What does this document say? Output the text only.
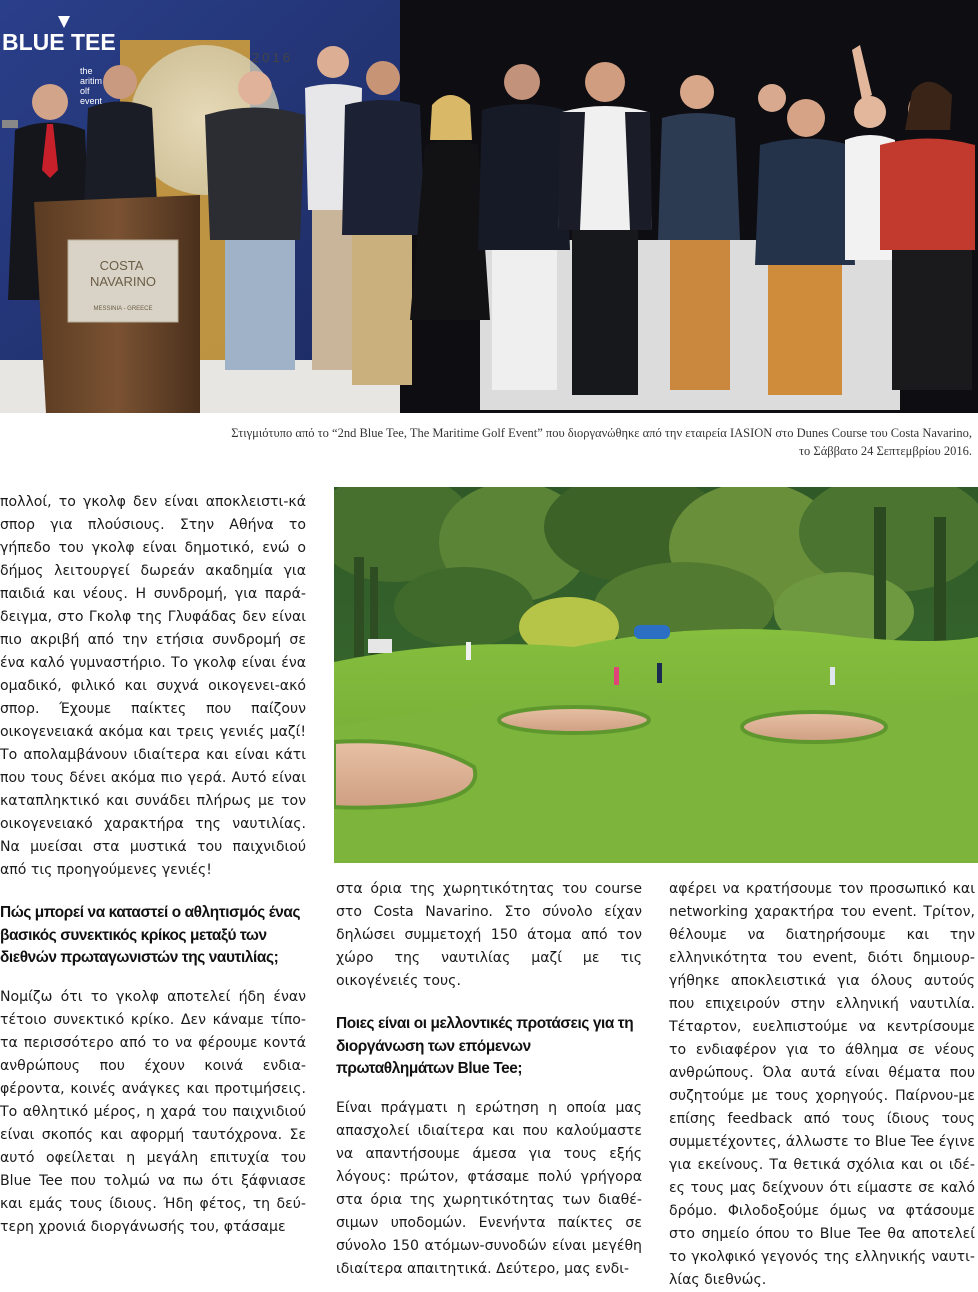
BLUE TEE
the
aritim
olf
event
2016
COSTA NAVARINO
MESSINIA - GREECE
Στιγμιότυπο από το “2nd Blue Tee, The Maritime Golf Event” που διοργανώθηκε από την εταιρεία IASION στο Dunes Course του Costa Navarino,
το Σάββατο 24 Σεπτεμβρίου 2016.

πολλοί, το γκολφ δεν είναι αποκλειστι-κά σπορ για πλούσιους. Στην Αθήνα το γήπεδο του γκολφ είναι δημοτικό, ενώ ο δήμος λειτουργεί δωρεάν ακαδημία για παιδιά και νέους. Η συνδρομή, για παρά-δειγμα, στο Γκολφ της Γλυφάδας δεν είναι πιο ακριβή από την ετήσια συνδρομή σε ένα καλό γυμναστήριο. Το γκολφ είναι ένα ομαδικό, φιλικό και συχνά οικογενει-ακό σπορ. Έχουμε παίκτες που παίζουν οικογενειακά ακόμα και τρεις γενιές μαζί! Το απολαμβάνουν ιδιαίτερα και είναι κάτι που τους δένει ακόμα πιο γερά. Αυτό είναι καταπληκτικό και συνάδει πλήρως με τον οικογενειακό χαρακτήρα της ναυτιλίας. Να μυείσαι στα μυστικά του παιχνιδιού από τις προηγούμενες γενιές!

Πώς μπορεί να καταστεί ο αθλητισμός ένας βασικός συνεκτικός κρίκος μεταξύ των διεθνών πρωταγωνιστών της ναυτιλίας;

Νομίζω ότι το γκολφ αποτελεί ήδη έναν τέτοιο συνεκτικό κρίκο. Δεν κάναμε τίπο-τα περισσότερο από το να φέρουμε κοντά ανθρώπους που έχουν κοινά ενδια-φέροντα, κοινές ανάγκες και προτιμήσεις. Το αθλητικό μέρος, η χαρά του παιχνιδιού είναι σκοπός και αφορμή ταυτόχρονα. Σε αυτό οφείλεται η μεγάλη επιτυχία του Blue Tee που τολμώ να πω ότι ξάφνιασε και εμάς τους ίδιους. Ήδη φέτος, τη δεύ-τερη χρονιά διοργάνωσής του, φτάσαμε

στα όρια της χωρητικότητας του course στο Costa Navarino. Στο σύνολο είχαν δηλώσει συμμετοχή 150 άτομα από τον χώρο της ναυτιλίας μαζί με τις οικογένειές τους.

Ποιες είναι οι μελλοντικές προτάσεις για τη διοργάνωση των επόμενων πρωταθλημάτων Blue Tee;

Είναι πράγματι η ερώτηση η οποία μας απασχολεί ιδιαίτερα και που καλούμαστε να απαντήσουμε άμεσα για τους εξής λόγους: πρώτον, φτάσαμε πολύ γρήγορα στα όρια της χωρητικότητας των διαθέ-σιμων υποδομών. Ενενήντα παίκτες σε σύνολο 150 ατόμων-συνοδών είναι μεγέθη ιδιαίτερα απαιτητικά. Δεύτερο, μας ενδι-

αφέρει να κρατήσουμε τον προσωπικό και networking χαρακτήρα του event. Τρίτον, θέλουμε να διατηρήσουμε και την ελληνικότητα του event, διότι δημιουρ-γήθηκε αποκλειστικά για όλους αυτούς που επιχειρούν στην ελληνική ναυτιλία. Τέταρτον, ευελπιστούμε να κεντρίσουμε το ενδιαφέρον για το άθλημα σε νέους ανθρώπους. Όλα αυτά είναι θέματα που συζητούμε με τους χορηγούς. Παίρνου-με επίσης feedback από τους ίδιους τους συμμετέχοντες, άλλωστε το Blue Tee έγινε για εκείνους. Τα θετικά σχόλια και οι ιδέ-ες τους μας δείχνουν ότι είμαστε σε καλό δρόμο. Φιλοδοξούμε όμως να φτάσουμε στο σημείο όπου το Blue Tee θα αποτελεί το γκολφικό γεγονός της ελληνικής ναυτι-λίας διεθνώς.
